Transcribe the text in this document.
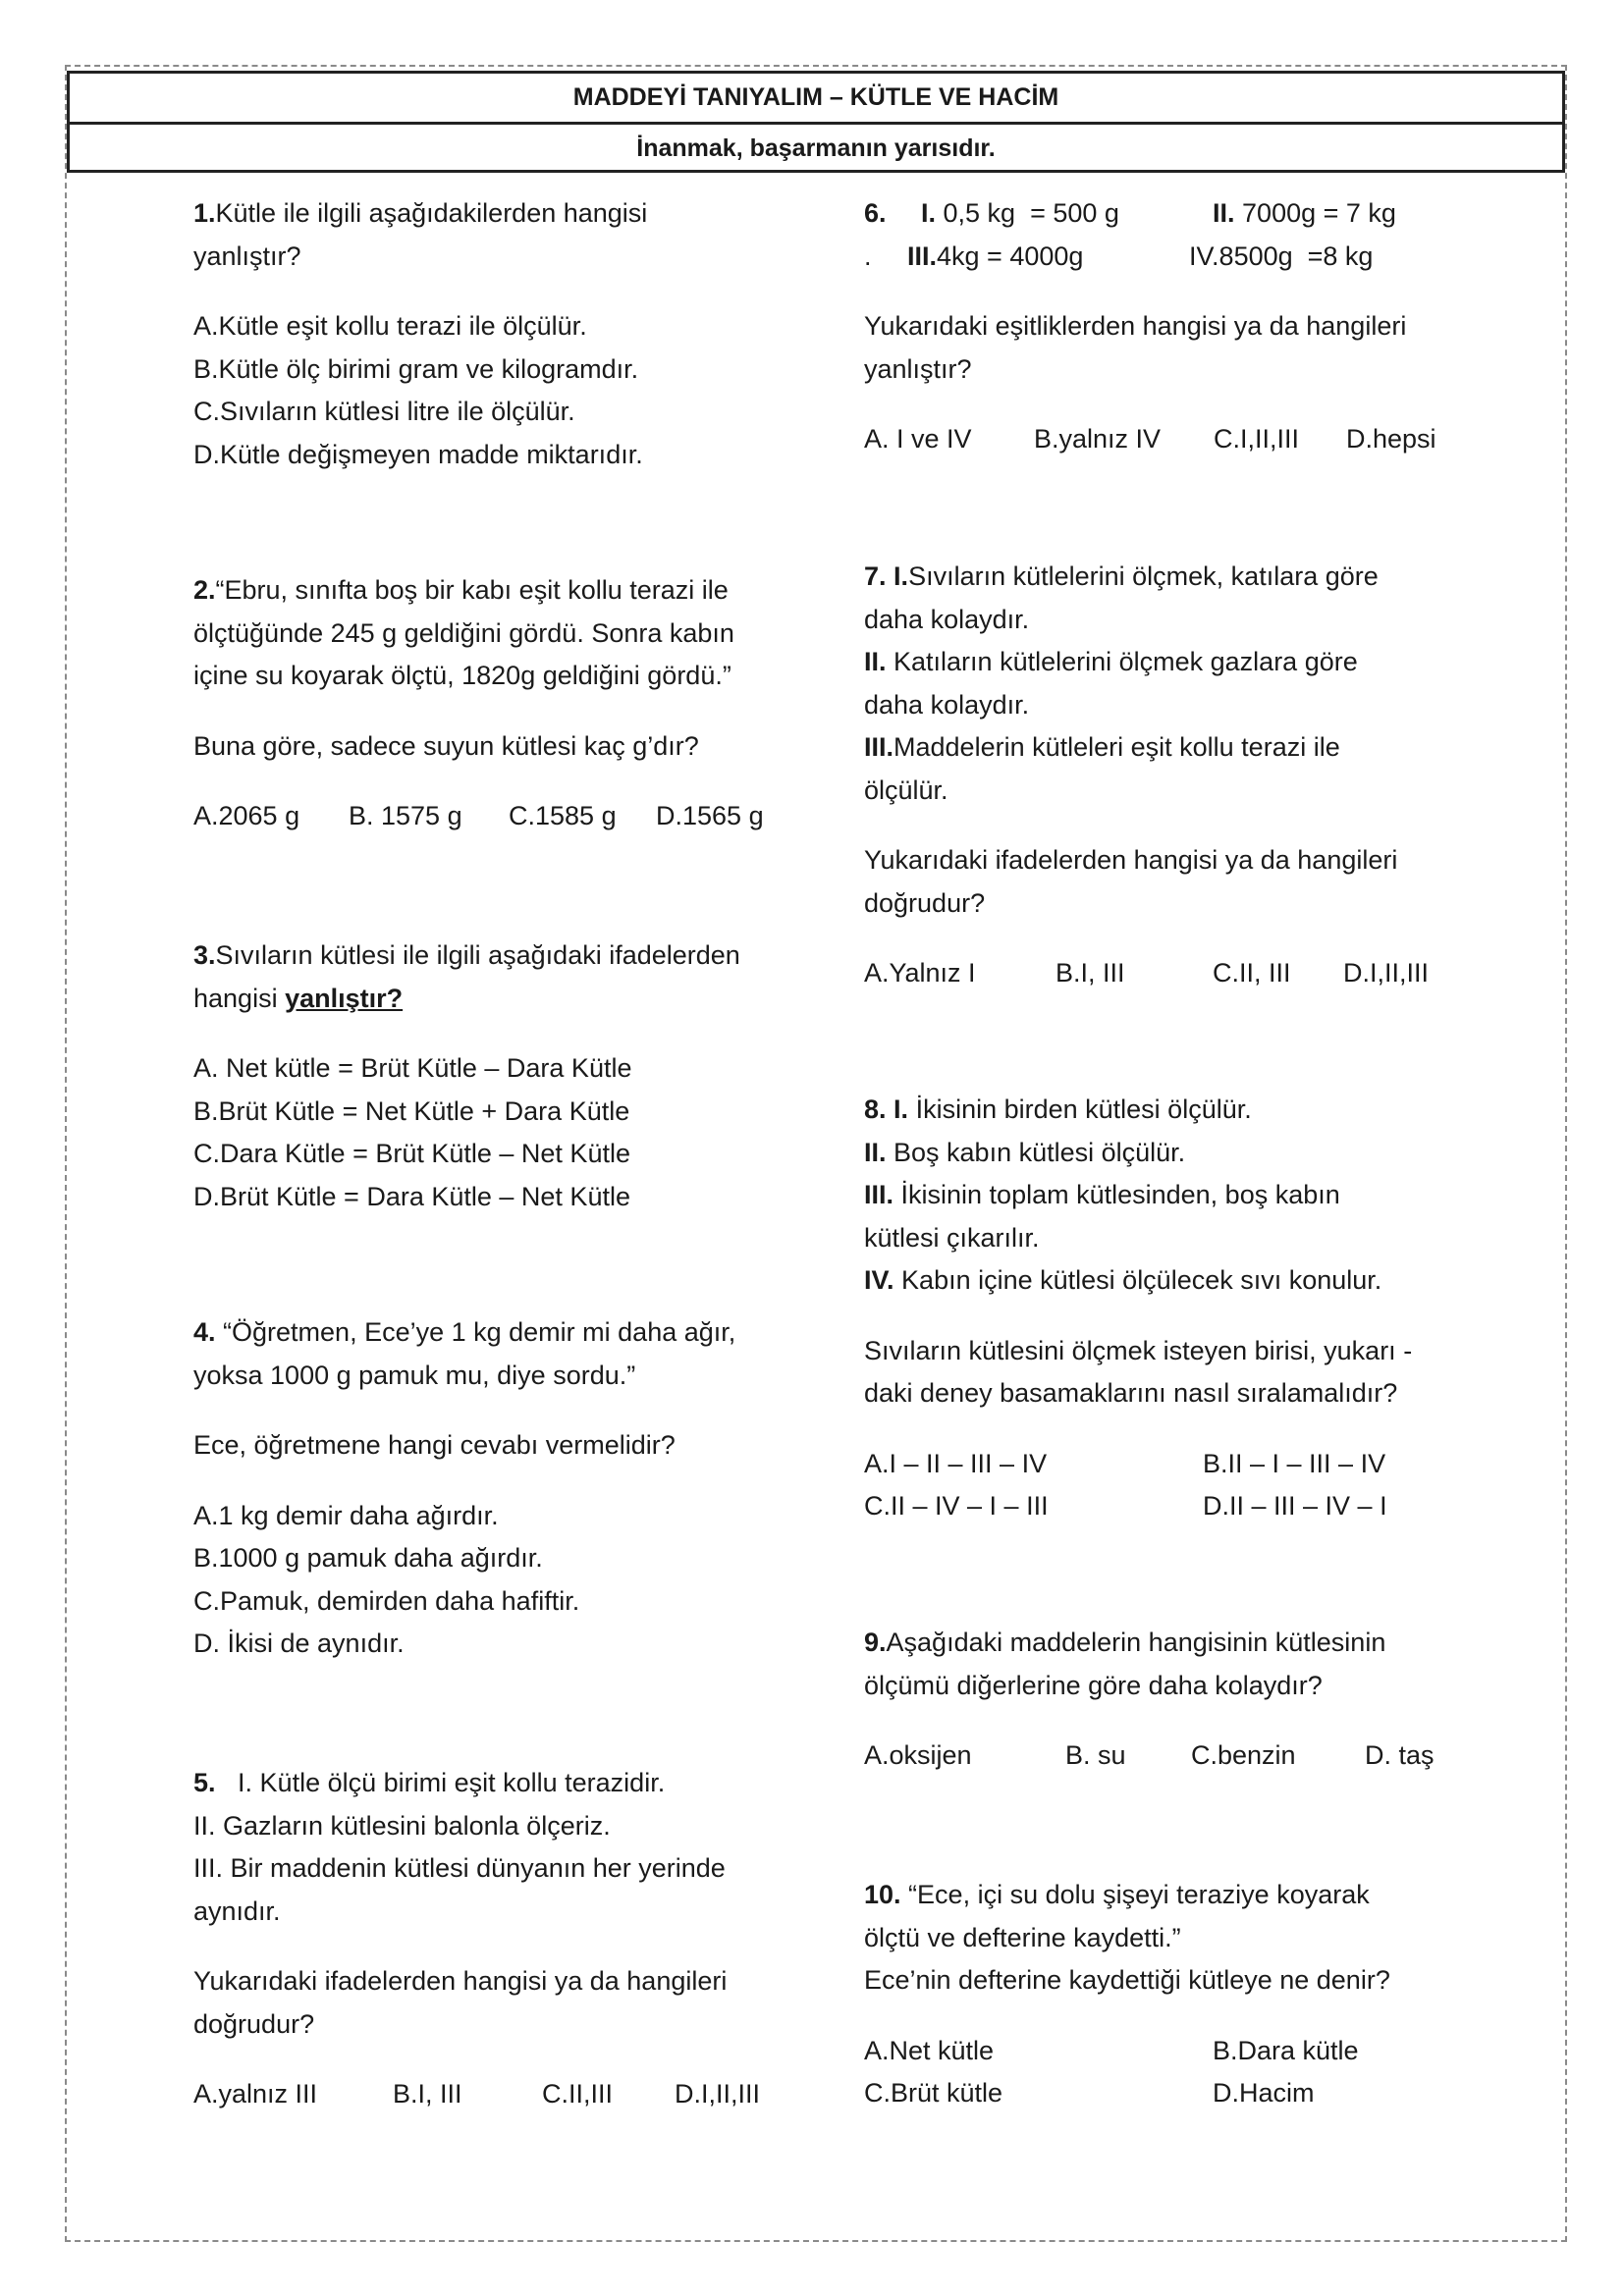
MADDEYİ TANIYALIM – KÜTLE VE HACİM
İnanmak, başarmanın yarısıdır.

1.Kütle ile ilgili aşağıdakilerden hangisi

yanlıştır?

A.Kütle eşit kollu terazi ile ölçülür.

B.Kütle ölç birimi gram ve kilogramdır.

C.Sıvıların kütlesi litre ile ölçülür.

D.Kütle değişmeyen madde miktarıdır.

2.“Ebru, sınıfta boş bir kabı eşit kollu terazi ile

ölçtüğünde 245 g geldiğini gördü. Sonra kabın

içine su koyarak ölçtü, 1820g geldiğini gördü.”

Buna göre, sadece suyun kütlesi kaç g’dır?

A.2065 g	B. 1575 g	C.1585 g	D.1565 g

3.Sıvıların kütlesi ile ilgili aşağıdaki ifadelerden

hangisi yanlıştır?

A. Net kütle = Brüt Kütle – Dara Kütle

B.Brüt Kütle = Net Kütle + Dara Kütle

C.Dara Kütle = Brüt Kütle – Net Kütle

D.Brüt Kütle = Dara Kütle – Net Kütle

4. “Öğretmen, Ece’ye 1 kg demir mi daha ağır,

yoksa 1000 g pamuk mu, diye sordu.”

Ece, öğretmene hangi cevabı vermelidir?

A.1 kg demir daha ağırdır.

B.1000 g pamuk daha ağırdır.

C.Pamuk, demirden daha hafiftir.

D. İkisi de aynıdır.

5.   I. Kütle ölçü birimi eşit kollu terazidir.

II. Gazların kütlesini balonla ölçeriz.

III. Bir maddenin kütlesi dünyanın her yerinde

aynıdır.

Yukarıdaki ifadelerden hangisi ya da hangileri

doğrudur?

A.yalnız III	B.I, III	C.II,III	D.I,II,III

6. I. 0,5 kg  = 500 g	II. 7000g = 7 kg

. III.4kg = 4000g	IV.8500g  =8 kg

Yukarıdaki eşitliklerden hangisi ya da hangileri

yanlıştır?

A. I ve IV	B.yalnız IV	C.I,II,III	D.hepsi

7. I.Sıvıların kütlelerini ölçmek, katılara göre

daha kolaydır.

II. Katıların kütlelerini ölçmek gazlara göre

daha kolaydır.

III.Maddelerin kütleleri eşit kollu terazi ile

ölçülür.

Yukarıdaki ifadelerden hangisi ya da hangileri

doğrudur?

A.Yalnız I	B.I, III	C.II, III	D.I,II,III

8. I. İkisinin birden kütlesi ölçülür.

II. Boş kabın kütlesi ölçülür.

III. İkisinin toplam kütlesinden, boş kabın

kütlesi çıkarılır.

IV. Kabın içine kütlesi ölçülecek sıvı konulur.

Sıvıların kütlesini ölçmek isteyen birisi, yukarı -

daki deney basamaklarını nasıl sıralamalıdır?

A.I – II – III – IV	B.II – I – III – IV
C.II – IV – I – III	D.II – III – IV – I

9.Aşağıdaki maddelerin hangisinin kütlesinin

ölçümü diğerlerine göre daha kolaydır?

A.oksijen	B. su	C.benzin	D. taş

10. “Ece, içi su dolu şişeyi teraziye koyarak

ölçtü ve defterine kaydetti.”

Ece’nin defterine kaydettiği kütleye ne denir?

A.Net kütle	B.Dara kütle
C.Brüt kütle	D.Hacim
